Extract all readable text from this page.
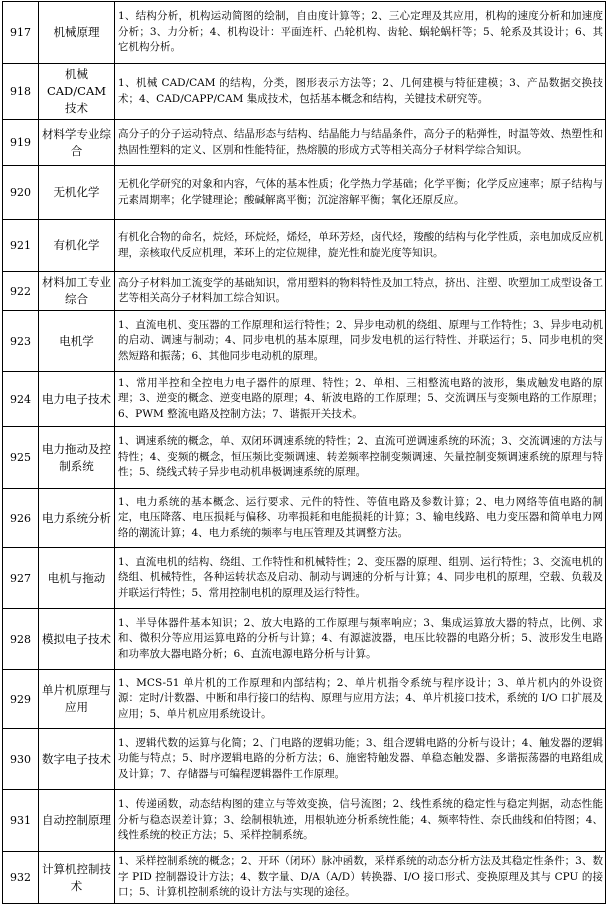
917	机械原理	1、结构分析，机构运动简图的绘制，自由度计算等；2、三心定理及其应用，机构的速度分析和加速度分析；3、力分析；4、机构设计：平面连杆、凸轮机构、齿轮、蜗轮蜗杆等；5、轮系及其设计；6、其它机构分析。
918	机械 CAD/CAM 技术	1、机械 CAD/CAM 的结构，分类，图形表示方法等；2、几何建模与特征建模；3、产品数据交换技术；4、CAD/CAPP/CAM 集成技术，包括基本概念和结构，关键技术研究等。
919	材料学专业综合	高分子的分子运动特点、结晶形态与结构、结晶能力与结晶条件，高分子的粘弹性，时温等效、热塑性和热固性塑料的定义、区别和性能特征，热熔膜的形成方式等相关高分子材料学综合知识。
920	无机化学	无机化学研究的对象和内容，气体的基本性质；化学热力学基础；化学平衡；化学反应速率；原子结构与元素周期率；化学键理论；酸碱解离平衡；沉淀溶解平衡；氧化还原反应。
921	有机化学	有机化合物的命名，烷烃，环烷烃，烯烃，单环芳烃，卤代烃，羧酸的结构与化学性质，亲电加成反应机理，亲核取代反应机理，苯环上的定位规律，旋光性和旋光度等知识。
922	材料加工专业综合	高分子材料加工流变学的基础知识，常用塑料的物料特性及加工特点，挤出、注塑、吹塑加工成型设备工艺等相关高分子材料加工综合知识。
923	电机学	1、直流电机、变压器的工作原理和运行特性；2、异步电动机的绕组、原理与工作特性；3、异步电动机的启动、调速与制动；4、同步电机的基本原理，同步发电机的运行特性、并联运行；5、同步电机的突然短路和振荡；6、其他同步电动机的原理。
924	电力电子技术	1、常用半控和全控电力电子器件的原理、特性；2、单相、三相整流电路的波形，集成触发电路的原理；3、逆变的概念、逆变电路的原理；4、斩波电路的工作原理；5、交流调压与变频电路的工作原理；6、PWM 整流电路及控制方法；7、谐振开关技术。
925	电力拖动及控制系统	1、调速系统的概念，单、双闭环调速系统的特性；2、直流可逆调速系统的环流；3、交流调速的方法与特性；4、变频的概念，恒压频比变频调速、转差频率控制变频调速、矢量控制变频调速系统的原理与特性；5、绕线式转子异步电动机串极调速系统的原理。
926	电力系统分析	1、电力系统的基本概念、运行要求、元件的特性、等值电路及参数计算；2、电力网络等值电路的制定，电压降落、电压损耗与偏移、功率损耗和电能损耗的计算；3、输电线路、电力变压器和简单电力网络的潮流计算；4、电力系统的频率与电压管理及其调整方法。
927	电机与拖动	1、直流电机的结构、绕组、工作特性和机械特性；2、变压器的原理、组别、运行特性；3、交流电机的绕组、机械特性，各种运转状态及启动、制动与调速的分析与计算；4、同步电机的原理，空载、负载及并联运行特性；5、常用控制电机的原理及运行特性。
928	模拟电子技术	1、半导体器件基本知识；2、放大电路的工作原理与频率响应；3、集成运算放大器的特点，比例、求和、微积分等应用运算电路的分析与计算；4、有源滤波器，电压比较器的电路分析；5、波形发生电路和功率放大器电路分析；6、直流电源电路分析与计算。
929	单片机原理与应用	1、MCS-51 单片机的工作原理和内部结构；2、单片机指令系统与程序设计；3、单片机内的外设资源：定时/计数器、中断和串行接口的结构、原理与应用方法；4、单片机接口技术，系统的 I/O 口扩展及应用；5、单片机应用系统设计。
930	数字电子技术	1、逻辑代数的运算与化简；2、门电路的逻辑功能；3、组合逻辑电路的分析与设计；4、触发器的逻辑功能与特点；5、时序逻辑电路的分析方法；6、施密特触发器、单稳态触发器、多谐振荡器的电路组成及计算；7、存储器与可编程逻辑器件工作原理。
931	自动控制原理	1、传递函数，动态结构图的建立与等效变换，信号流图；2、线性系统的稳定性与稳定判据，动态性能分析与稳态误差计算；3、绘制根轨迹，用根轨迹分析系统性能；4、频率特性、奈氏曲线和伯特图；4、线性系统的校正方法；5、采样控制系统。
932	计算机控制技术	1、采样控制系统的概念；2、开环（闭环）脉冲函数，采样系统的动态分析方法及其稳定性条件；3、数字 PID 控制器设计方法；4、数字量、D/A（A/D）转换器、I/O 接口形式、变换原理及其与 CPU 的接口；5、计算机控制系统的设计方法与实现的途径。
